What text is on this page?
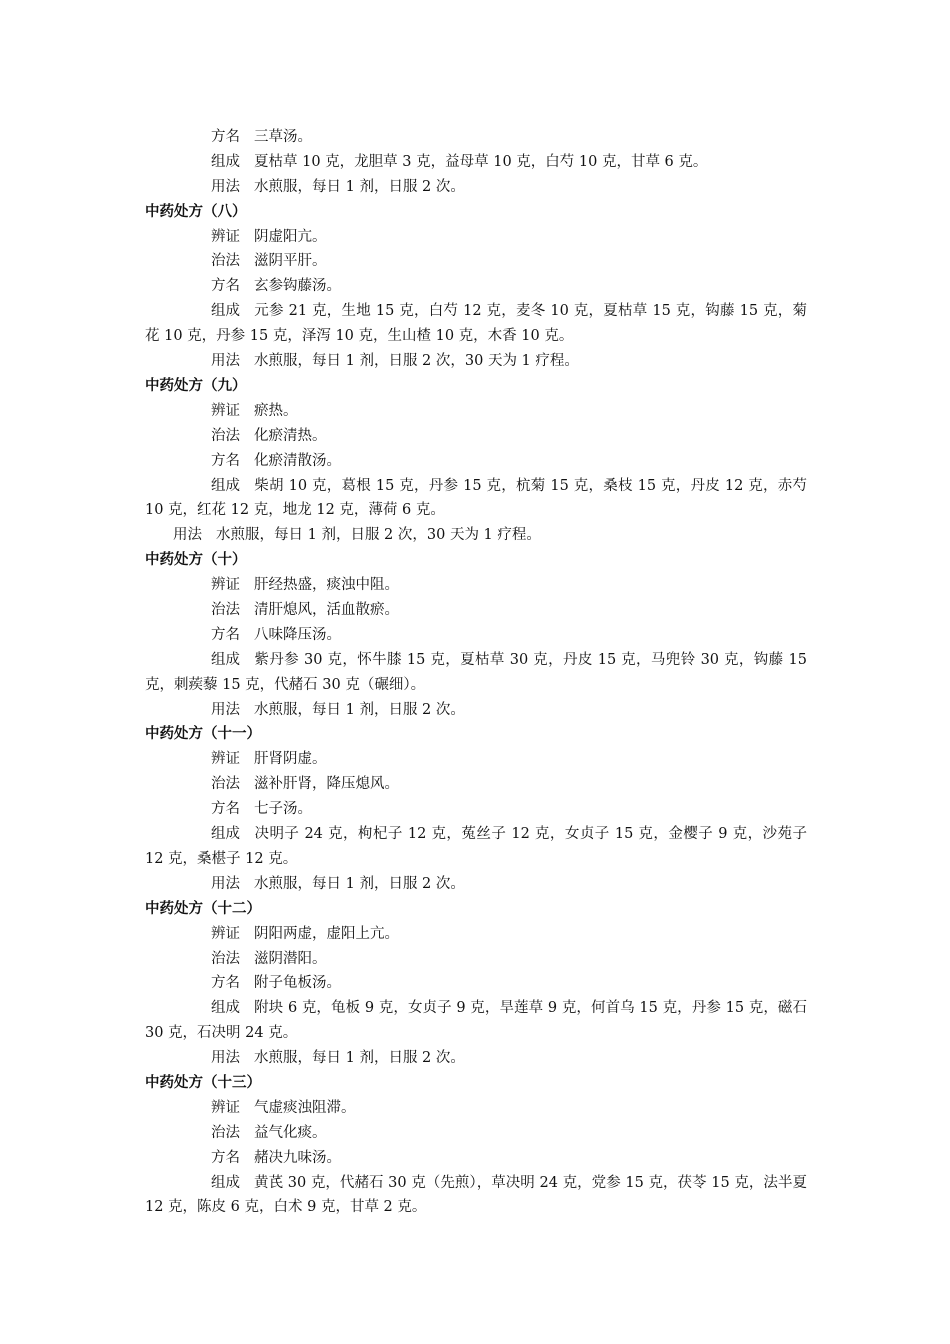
方名 三草汤。
组成 夏枯草 10 克，龙胆草 3 克，益母草 10 克，白芍 10 克，甘草 6 克。
用法 水煎服，每日 1 剂，日服 2 次。
中药处方（八）
辨证 阴虚阳亢。
治法 滋阴平肝。
方名 玄参钩藤汤。
组成 元参 21 克，生地 15 克，白芍 12 克，麦冬 10 克，夏枯草 15 克，钩藤 15 克，菊花 10 克，丹参 15 克，泽泻 10 克，生山楂 10 克，木香 10 克。
用法 水煎服，每日 1 剂，日服 2 次，30 天为 1 疗程。
中药处方（九）
辨证 瘀热。
治法 化瘀清热。
方名 化瘀清散汤。
组成 柴胡 10 克，葛根 15 克，丹参 15 克，杭菊 15 克，桑枝 15 克，丹皮 12 克，赤芍 10 克，红花 12 克，地龙 12 克，薄荷 6 克。
用法 水煎服，每日 1 剂，日服 2 次，30 天为 1 疗程。
中药处方（十）
辨证 肝经热盛，痰浊中阻。
治法 清肝熄风，活血散瘀。
方名 八味降压汤。
组成 紫丹参 30 克，怀牛膝 15 克，夏枯草 30 克，丹皮 15 克，马兜铃 30 克，钩藤 15 克，刺蒺藜 15 克，代赭石 30 克（碾细）。
用法 水煎服，每日 1 剂，日服 2 次。
中药处方（十一）
辨证 肝肾阴虚。
治法 滋补肝肾，降压熄风。
方名 七子汤。
组成 决明子 24 克，枸杞子 12 克，菟丝子 12 克，女贞子 15 克，金樱子 9 克，沙苑子 12 克，桑椹子 12 克。
用法 水煎服，每日 1 剂，日服 2 次。
中药处方（十二）
辨证 阴阳两虚，虚阳上亢。
治法 滋阴潜阳。
方名 附子龟板汤。
组成 附块 6 克，龟板 9 克，女贞子 9 克，旱莲草 9 克，何首乌 15 克，丹参 15 克，磁石 30 克，石决明 24 克。
用法 水煎服，每日 1 剂，日服 2 次。
中药处方（十三）
辨证 气虚痰浊阻滞。
治法 益气化痰。
方名 赭决九味汤。
组成 黄芪 30 克，代赭石 30 克（先煎），草决明 24 克，党参 15 克，茯苓 15 克，法半夏 12 克，陈皮 6 克，白术 9 克，甘草 2 克。
